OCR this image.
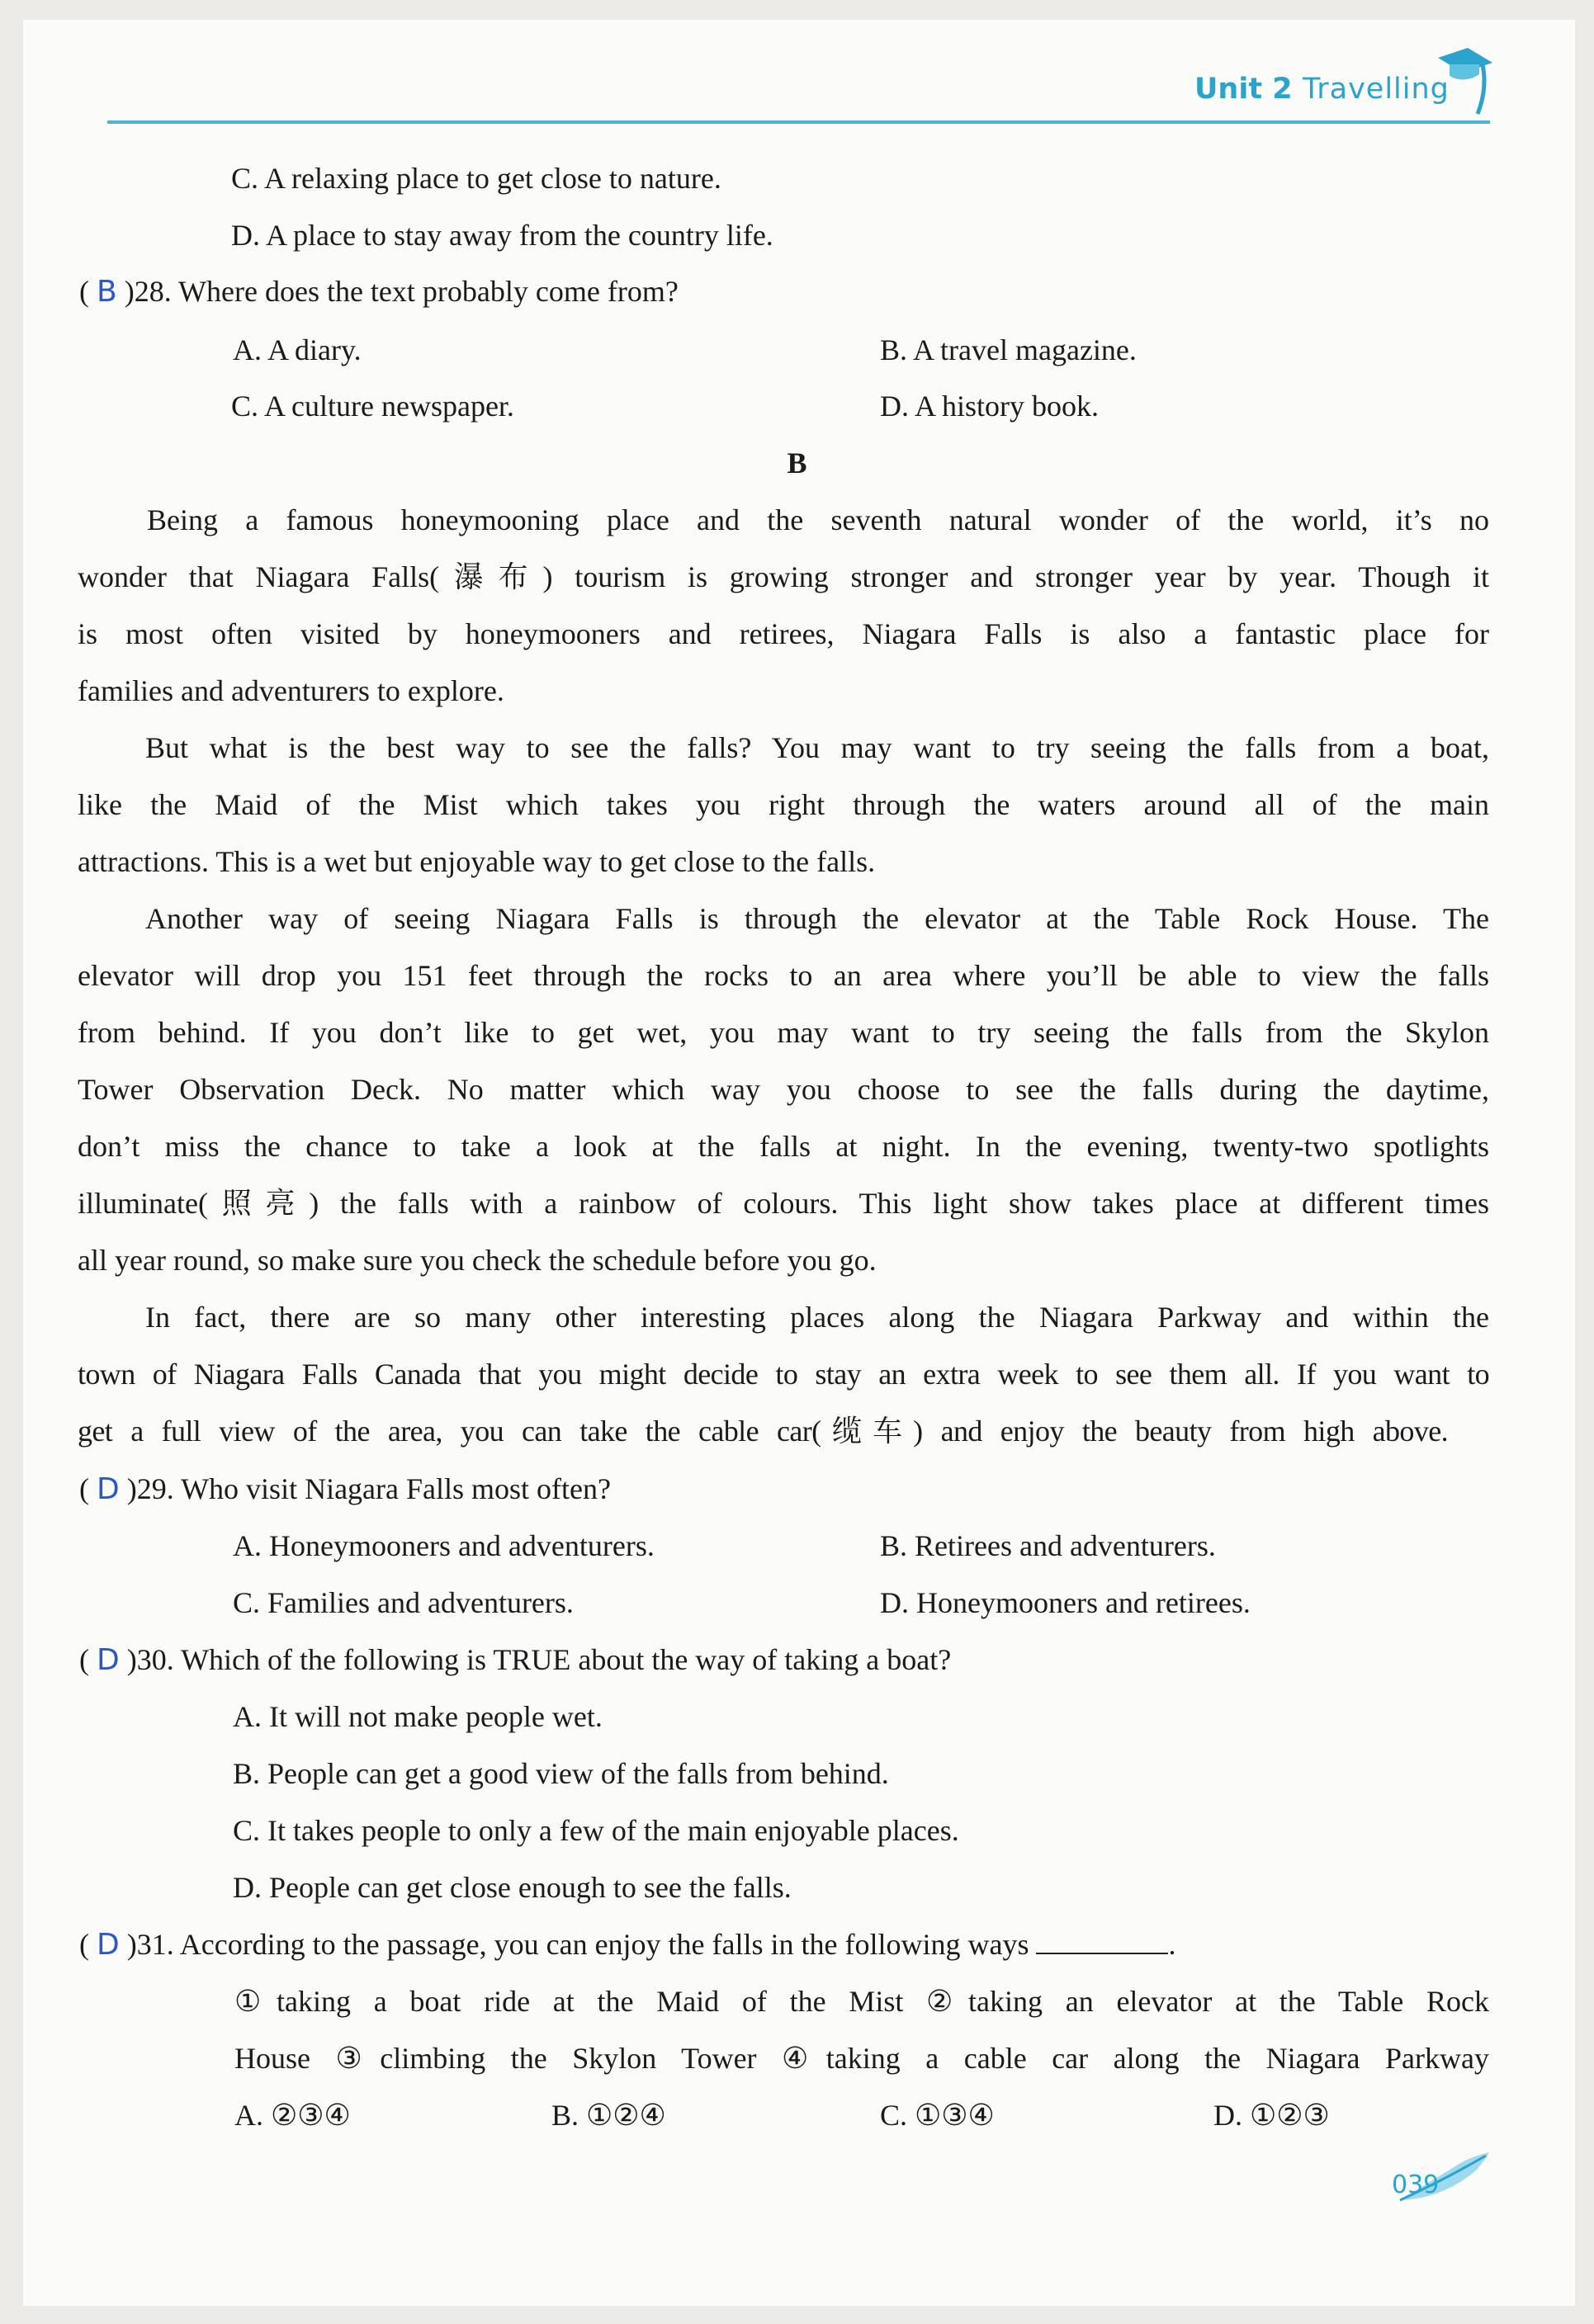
Unit 2 Travelling
C. A relaxing place to get close to nature.
D. A place to stay away from the country life.
( B )28. Where does the text probably come from?
A. A diary.	B. A travel magazine.
C. A culture newspaper.	D. A history book.
B
Being a famous honeymooning place and the seventh natural wonder of the world, it’s no
wonder that Niagara Falls(瀑布) tourism is growing stronger and stronger year by year. Though it
is most often visited by honeymooners and retirees, Niagara Falls is also a fantastic place for
families and adventurers to explore.
But what is the best way to see the falls? You may want to try seeing the falls from a boat,
like the Maid of the Mist which takes you right through the waters around all of the main
attractions. This is a wet but enjoyable way to get close to the falls.
Another way of seeing Niagara Falls is through the elevator at the Table Rock House. The
elevator will drop you 151 feet through the rocks to an area where you’ll be able to view the falls
from behind. If you don’t like to get wet, you may want to try seeing the falls from the Skylon
Tower Observation Deck. No matter which way you choose to see the falls during the daytime,
don’t miss the chance to take a look at the falls at night. In the evening, twenty-two spotlights
illuminate(照亮) the falls with a rainbow of colours. This light show takes place at different times
all year round, so make sure you check the schedule before you go.
In fact, there are so many other interesting places along the Niagara Parkway and within the
town of Niagara Falls Canada that you might decide to stay an extra week to see them all. If you want to
get a full view of the area, you can take the cable car(缆车) and enjoy the beauty from high above.
( D )29. Who visit Niagara Falls most often?
A. Honeymooners and adventurers.	B. Retirees and adventurers.
C. Families and adventurers.	D. Honeymooners and retirees.
( D )30. Which of the following is TRUE about the way of taking a boat?
A. It will not make people wet.
B. People can get a good view of the falls from behind.
C. It takes people to only a few of the main enjoyable places.
D. People can get close enough to see the falls.
( D )31. According to the passage, you can enjoy the falls in the following ways	.
①taking a boat ride at the Maid of the Mist ②taking an elevator at the Table Rock
House ③climbing the Skylon Tower ④taking a cable car along the Niagara Parkway
A. ②③④	B. ①②④	C. ①③④	D. ①②③
039
